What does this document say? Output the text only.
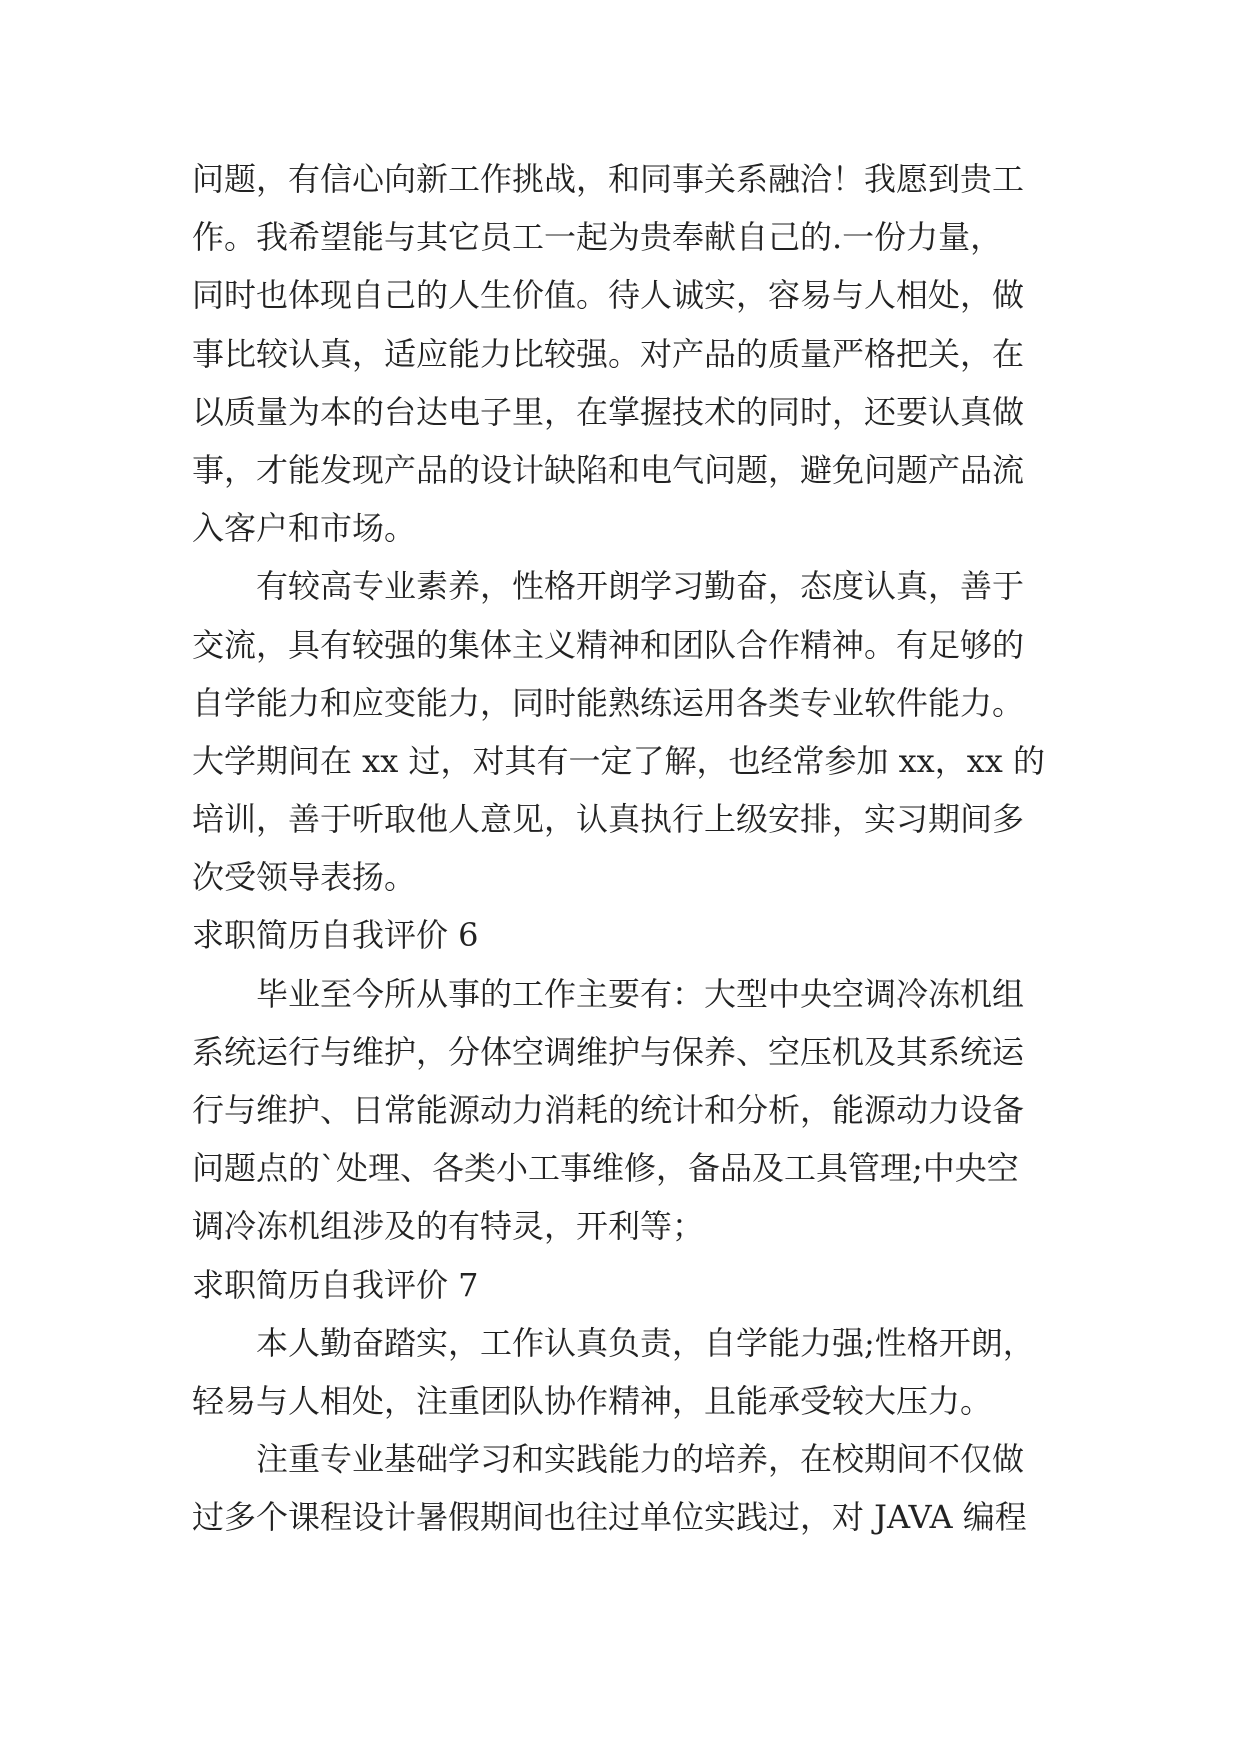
问题，有信心向新工作挑战，和同事关系融洽！我愿到贵工
作。我希望能与其它员工一起为贵奉献自己的.一份力量，
同时也体现自己的人生价值。待人诚实，容易与人相处，做
事比较认真，适应能力比较强。对产品的质量严格把关，在
以质量为本的台达电子里，在掌握技术的同时，还要认真做
事，才能发现产品的设计缺陷和电气问题，避免问题产品流
入客户和市场。
有较高专业素养，性格开朗学习勤奋，态度认真，善于
交流，具有较强的集体主义精神和团队合作精神。有足够的
自学能力和应变能力，同时能熟练运用各类专业软件能力。
大学期间在 xx 过，对其有一定了解，也经常参加 xx，xx 的
培训，善于听取他人意见，认真执行上级安排，实习期间多
次受领导表扬。
求职简历自我评价 6
毕业至今所从事的工作主要有：大型中央空调冷冻机组
系统运行与维护，分体空调维护与保养、空压机及其系统运
行与维护、日常能源动力消耗的统计和分析，能源动力设备
问题点的`处理、各类小工事维修，备品及工具管理;中央空
调冷冻机组涉及的有特灵，开利等；
求职简历自我评价 7
本人勤奋踏实，工作认真负责，自学能力强;性格开朗，
轻易与人相处，注重团队协作精神，且能承受较大压力。
注重专业基础学习和实践能力的培养，在校期间不仅做
过多个课程设计暑假期间也往过单位实践过，对 JAVA 编程
